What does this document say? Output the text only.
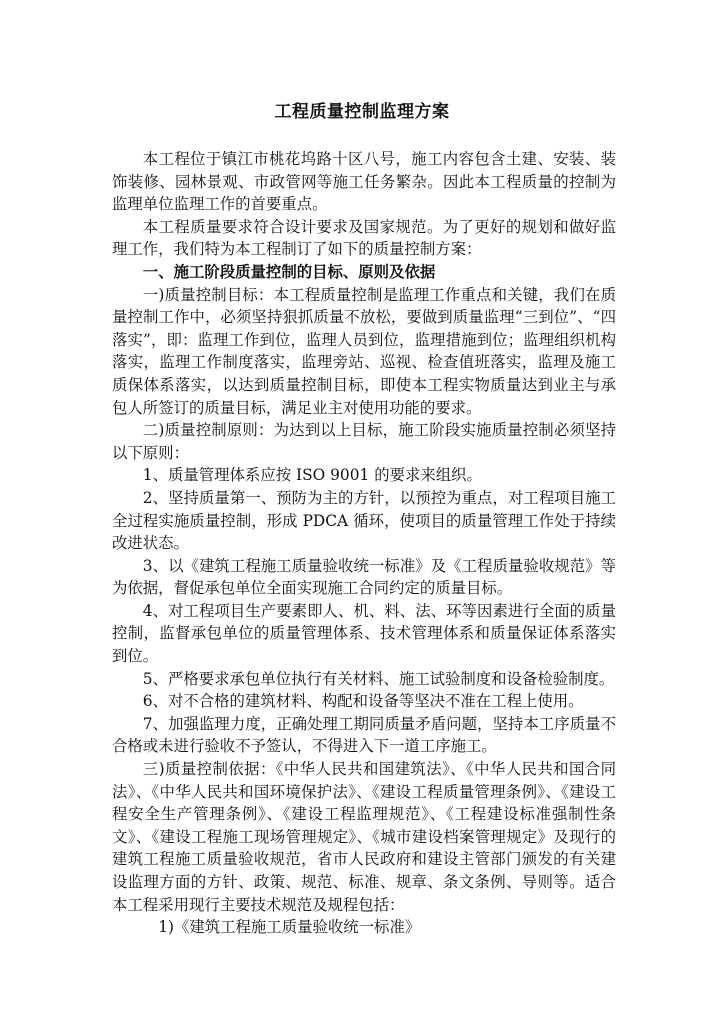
工程质量控制监理方案

本工程位于镇江市桃花坞路十区八号，施工内容包含土建、安装、装饰装修、园林景观、市政管网等施工任务繁杂。因此本工程质量的控制为监理单位监理工作的首要重点。

本工程质量要求符合设计要求及国家规范。为了更好的规划和做好监理工作，我们特为本工程制订了如下的质量控制方案：

一、施工阶段质量控制的目标、原则及依据

一)质量控制目标：本工程质量控制是监理工作重点和关键，我们在质量控制工作中，必须坚持狠抓质量不放松，要做到质量监理“三到位”、“四落实”，即：监理工作到位，监理人员到位，监理措施到位；监理组织机构落实，监理工作制度落实，监理旁站、巡视、检查值班落实，监理及施工质保体系落实，以达到质量控制目标，即使本工程实物质量达到业主与承包人所签订的质量目标，满足业主对使用功能的要求。

二)质量控制原则：为达到以上目标，施工阶段实施质量控制必须坚持以下原则：

1、质量管理体系应按 ISO 9001 的要求来组织。

2、坚持质量第一、预防为主的方针，以预控为重点，对工程项目施工全过程实施质量控制，形成 PDCA 循环，使项目的质量管理工作处于持续改进状态。

3、以《建筑工程施工质量验收统一标准》及《工程质量验收规范》等为依据，督促承包单位全面实现施工合同约定的质量目标。

4、对工程项目生产要素即人、机、料、法、环等因素进行全面的质量控制，监督承包单位的质量管理体系、技术管理体系和质量保证体系落实到位。

5、严格要求承包单位执行有关材料、施工试验制度和设备检验制度。

6、对不合格的建筑材料、构配和设备等坚决不准在工程上使用。

7、加强监理力度，正确处理工期同质量矛盾问题，坚持本工序质量不合格或未进行验收不予签认，不得进入下一道工序施工。

三)质量控制依据：《中华人民共和国建筑法》、《中华人民共和国合同法》、《中华人民共和国环境保护法》、《建设工程质量管理条例》、《建设工程安全生产管理条例》、《建设工程监理规范》、《工程建设标准强制性条文》、《建设工程施工现场管理规定》、《城市建设档案管理规定》及现行的建筑工程施工质量验收规范，省市人民政府和建设主管部门颁发的有关建设监理方面的方针、政策、规范、标准、规章、条文条例、导则等。适合本工程采用现行主要技术规范及规程包括：

1)《建筑工程施工质量验收统一标准》
